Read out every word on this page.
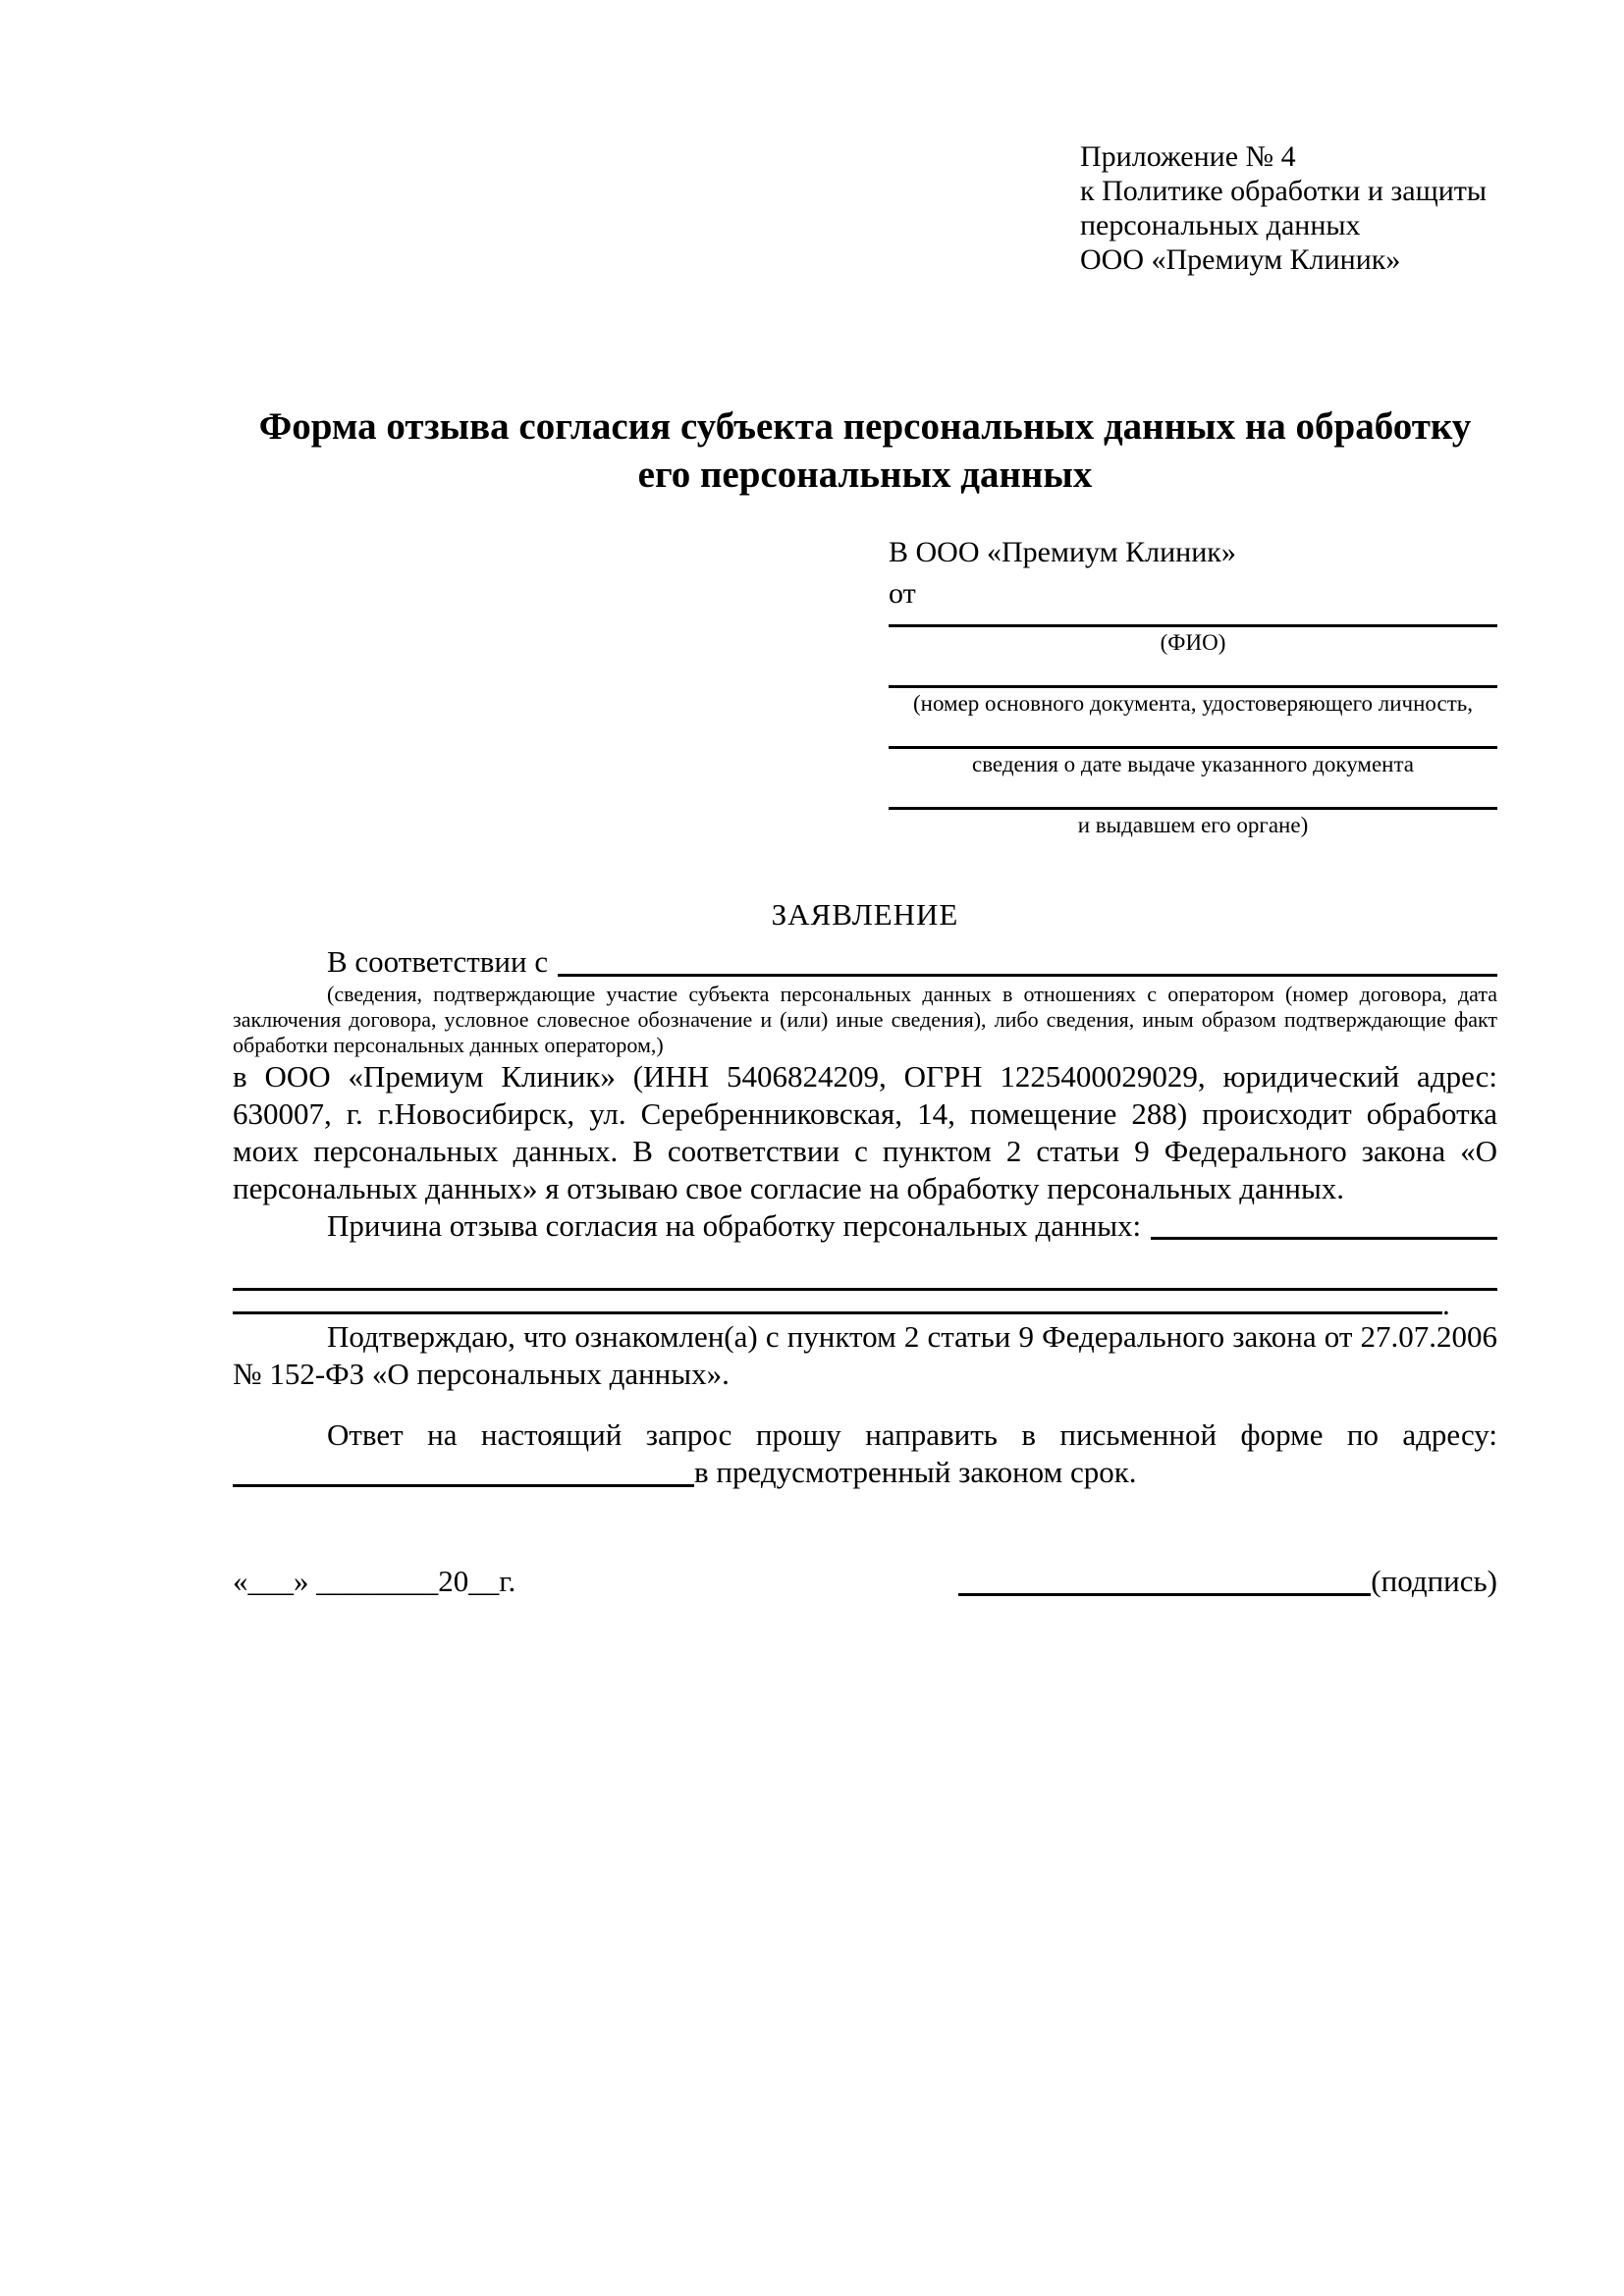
Приложение № 4
к Политике обработки и защиты
персональных данных
ООО «Премиум Клиник»
Форма отзыва согласия субъекта персональных данных на обработку его персональных данных
В ООО «Премиум Клиник»
от
(ФИО)
(номер основного документа, удостоверяющего личность,
сведения о дате выдаче указанного документа
и выдавшем его органе)
ЗАЯВЛЕНИЕ
В соответствии с
(сведения, подтверждающие участие субъекта персональных данных в отношениях с оператором (номер договора, дата заключения договора, условное словесное обозначение и (или) иные сведения), либо сведения, иным образом подтверждающие факт обработки персональных данных оператором,)
в ООО «Премиум Клиник» (ИНН 5406824209, ОГРН 1225400029029, юридический адрес: 630007, г. г.Новосибирск, ул. Серебренниковская, 14, помещение 288) происходит обработка моих персональных данных. В соответствии с пунктом 2 статьи 9 Федерального закона «О персональных данных» я отзываю свое согласие на обработку персональных данных.
Причина отзыва согласия на обработку персональных данных:
.
Подтверждаю, что ознакомлен(а) с пунктом 2 статьи 9 Федерального закона от 27.07.2006 № 152-ФЗ «О персональных данных».
Ответ на настоящий запрос прошу направить в письменной форме по адресу:
в предусмотренный законом срок.
«___» ________20__г.	(подпись)
